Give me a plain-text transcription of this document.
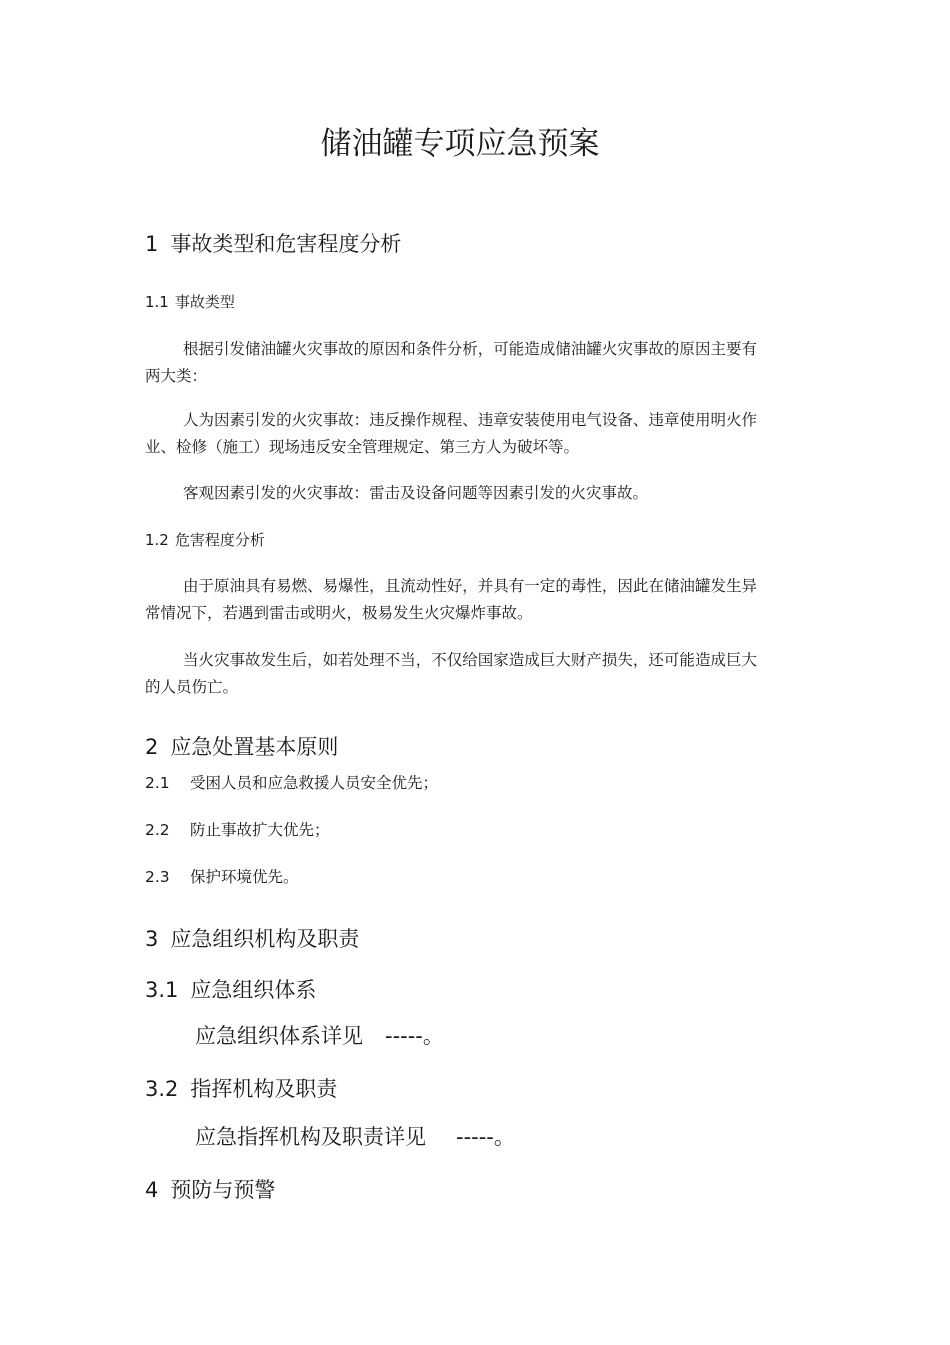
储油罐专项应急预案
1 事故类型和危害程度分析
1.1 事故类型
根据引发储油罐火灾事故的原因和条件分析，可能造成储油罐火灾事故的原因主要有两大类：
人为因素引发的火灾事故：违反操作规程、违章安装使用电气设备、违章使用明火作业、检修（施工）现场违反安全管理规定、第三方人为破坏等。
客观因素引发的火灾事故：雷击及设备问题等因素引发的火灾事故。
1.2 危害程度分析
由于原油具有易燃、易爆性，且流动性好，并具有一定的毒性，因此在储油罐发生异常情况下，若遇到雷击或明火，极易发生火灾爆炸事故。
当火灾事故发生后，如若处理不当，不仅给国家造成巨大财产损失，还可能造成巨大的人员伤亡。
2 应急处置基本原则
2.1 受困人员和应急救援人员安全优先；
2.2 防止事故扩大优先；
2.3 保护环境优先。
3 应急组织机构及职责
3.1 应急组织体系
应急组织体系详见 -----。
3.2 指挥机构及职责
应急指挥机构及职责详见 -----。
4 预防与预警
